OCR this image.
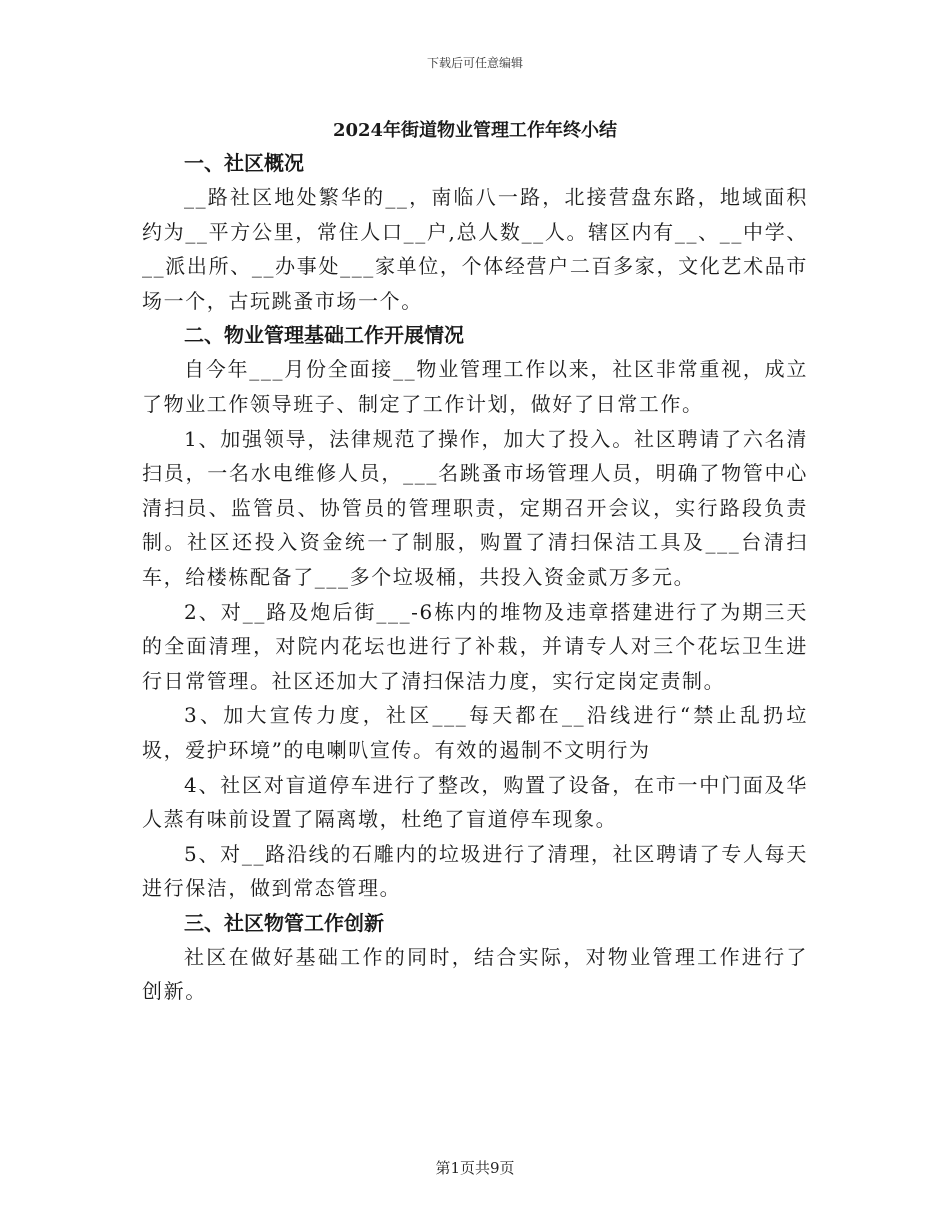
下载后可任意编辑
2024年街道物业管理工作年终小结
一、社区概况

__路社区地处繁华的__，南临八一路，北接营盘东路，地域面积约为__平方公里，常住人口__户,总人数__人。辖区内有__、__中学、__派出所、__办事处___家单位，个体经营户二百多家，文化艺术品市场一个，古玩跳蚤市场一个。

二、物业管理基础工作开展情况

自今年___月份全面接__物业管理工作以来，社区非常重视，成立了物业工作领导班子、制定了工作计划，做好了日常工作。

1、加强领导，法律规范了操作，加大了投入。社区聘请了六名清扫员，一名水电维修人员，___名跳蚤市场管理人员，明确了物管中心清扫员、监管员、协管员的管理职责，定期召开会议，实行路段负责制。社区还投入资金统一了制服，购置了清扫保洁工具及___台清扫车，给楼栋配备了___多个垃圾桶，共投入资金贰万多元。

2、对__路及炮后街___-6栋内的堆物及违章搭建进行了为期三天的全面清理，对院内花坛也进行了补栽，并请专人对三个花坛卫生进行日常管理。社区还加大了清扫保洁力度，实行定岗定责制。

3、加大宣传力度，社区___每天都在__沿线进行“禁止乱扔垃圾，爱护环境”的电喇叭宣传。有效的遏制不文明行为

4、社区对盲道停车进行了整改，购置了设备，在市一中门面及华人蒸有味前设置了隔离墩，杜绝了盲道停车现象。

5、对__路沿线的石雕内的垃圾进行了清理，社区聘请了专人每天进行保洁，做到常态管理。

三、社区物管工作创新

社区在做好基础工作的同时，结合实际，对物业管理工作进行了创新。

第1页共9页
